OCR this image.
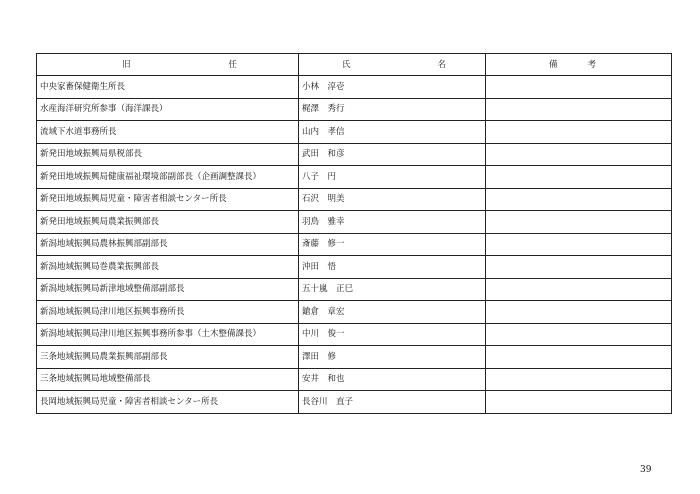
旧 任	氏 名	備 考

中央家畜保健衛生所長	小林　淳壱	
水産海洋研究所参事（海洋課長）	梶澤　秀行	
流域下水道事務所長	山内　孝信	
新発田地域振興局県税部長	武田　和彦	
新発田地域振興局健康福祉環境部副部長（企画調整課長）	八子　円	
新発田地域振興局児童・障害者相談センター所長	石沢　明美	
新発田地域振興局農業振興部長	羽鳥　雅幸	
新潟地域振興局農林振興部副部長	斎藤　修一	
新潟地域振興局巻農業振興部長	沖田　悟	
新潟地域振興局新津地域整備部副部長	五十嵐　正巳	
新潟地域振興局津川地区振興事務所長	鎗倉　章宏	
新潟地域振興局津川地区振興事務所参事（土木整備課長）	中川　俊一	
三条地域振興局農業振興部副部長	澤田　修	
三条地域振興局地域整備部長	安井　和也	
長岡地域振興局児童・障害者相談センター所長	長谷川　直子	
39
